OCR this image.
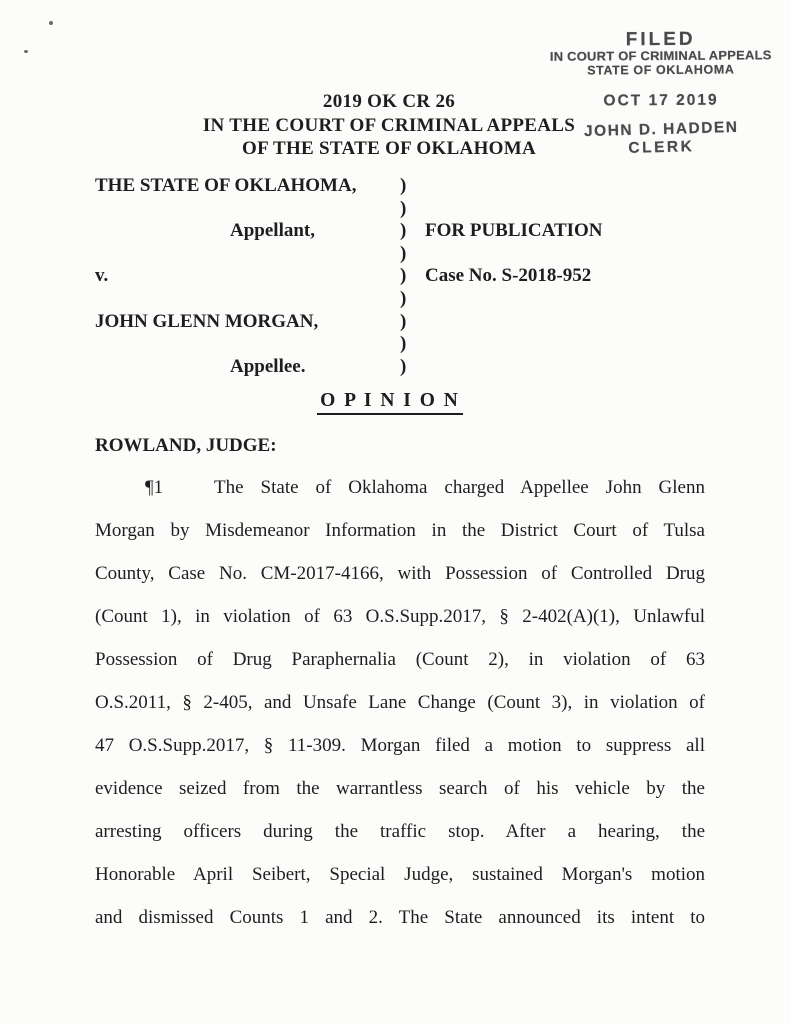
FILED
IN COURT OF CRIMINAL APPEALS
STATE OF OKLAHOMA
OCT 17 2019
JOHN D. HADDEN
CLERK
2019 OK CR 26
IN THE COURT OF CRIMINAL APPEALS
OF THE STATE OF OKLAHOMA
THE STATE OF OKLAHOMA,	)
)
Appellant,	) FOR PUBLICATION
)
v.	) Case No. S-2018-952
)
JOHN GLENN MORGAN,	)
)
Appellee.	)
O P I N I O N
ROWLAND, JUDGE:
¶1   The State of Oklahoma charged Appellee John Glenn
Morgan by Misdemeanor Information in the District Court of Tulsa
County, Case No. CM-2017-4166, with Possession of Controlled Drug
(Count 1), in violation of 63 O.S.Supp.2017, § 2-402(A)(1), Unlawful
Possession of Drug Paraphernalia (Count 2), in violation of 63
O.S.2011, § 2-405, and Unsafe Lane Change (Count 3), in violation of
47 O.S.Supp.2017, § 11-309. Morgan filed a motion to suppress all
evidence seized from the warrantless search of his vehicle by the
arresting officers during the traffic stop. After a hearing, the
Honorable April Seibert, Special Judge, sustained Morgan's motion
and dismissed Counts 1 and 2. The State announced its intent to
